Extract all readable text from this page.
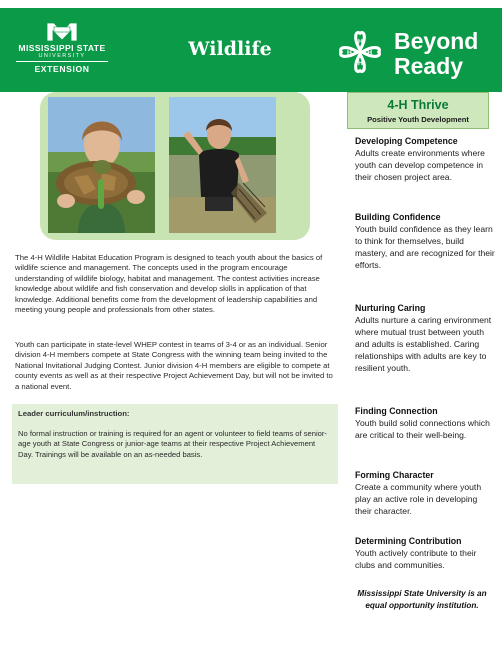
MISSISSIPPI STATE
UNIVERSITY
EXTENSION
Wildlife	H
H
H
H Beyond
Ready

The 4-H Wildlife Habitat Education Program is designed to teach youth about the basics of wildlife science and management. The concepts used in the program encourage understanding of wildlife biology, habitat and management. The contest activities increase knowledge about wildlife and fish conservation and develop skills in application of that knowledge. Additional benefits come from the development of leadership capabilities and meeting young people and professionals from other states.

Youth can participate in state-level WHEP contest in teams of 3-4 or as an individual. Senior division 4-H members compete at State Congress with the winning team being invited to the National Invitational Judging Contest. Junior division 4-H members are eligible to compete at county events as well as at their respective Project Achievement Day, but will not be invited to a national event.

Leader curriculum/instruction:
No formal instruction or training is required for an agent or volunteer to field teams of senior-age youth at State Congress or junior-age teams at their respective Project Achievement Day. Trainings will be available on an as-needed basis.
4-H Thrive
Positive Youth Development
Developing Competence
Adults create environments where youth can develop competence in their chosen project area.
Building Confidence
Youth build confidence as they learn to think for themselves, build mastery, and are recognized for their efforts.
Nurturing Caring
Adults nurture a caring environment where mutual trust between youth and adults is established. Caring relationships with adults are key to resilient youth.
Finding Connection
Youth build solid connections which are critical to their well-being.
Forming Character
Create a community where youth play an active role in developing their character.
Determining Contribution
Youth actively contribute to their clubs and communities.
Mississippi State University is an equal opportunity institution.
